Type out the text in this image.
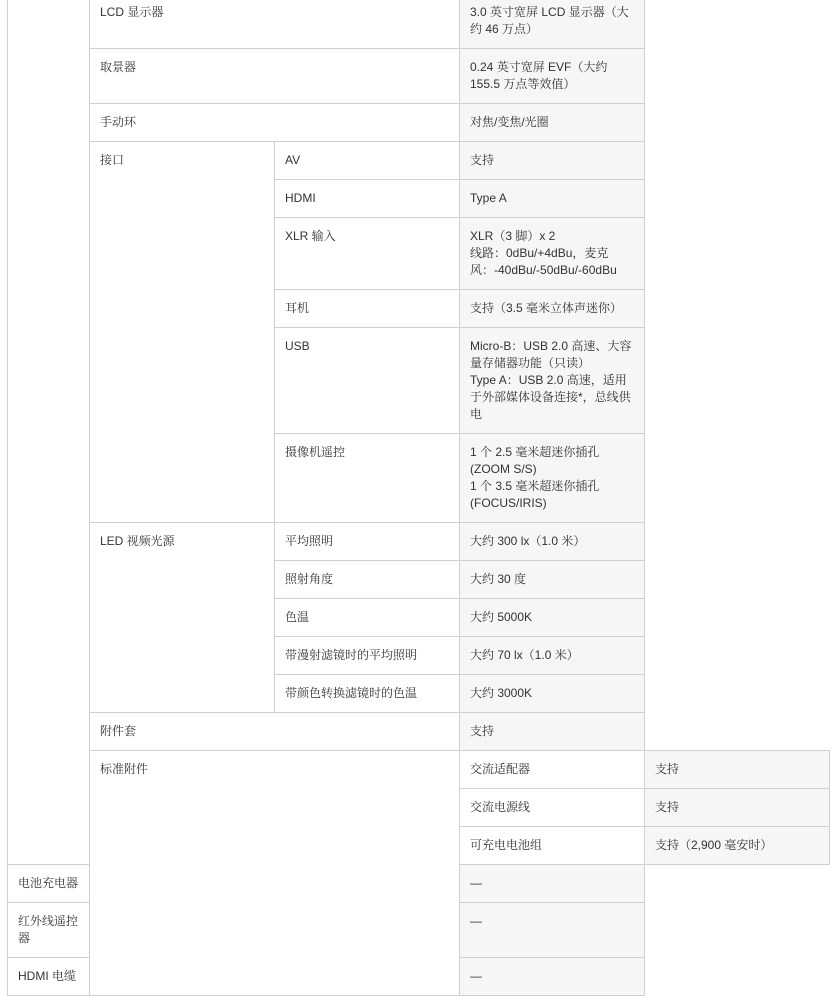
	LCD 显示器		3.0 英寸宽屏 LCD 显示器（大约 46 万点）	
	取景器		0.24 英寸宽屏 EVF（大约 155.5 万点等效值）	
	手动环		对焦/变焦/光圈	
	接口	AV	支持	
		HDMI	Type A	
		XLR 输入	XLR（3 脚）x 2
线路：0dBu/+4dBu，麦克风：-40dBu/-50dBu/-60dBu	

		耳机	支持（3.5 毫米立体声迷你）	
		USB	Micro-B：USB 2.0 高速、大容量存储器功能（只读）
Type A：USB 2.0 高速，适用于外部媒体设备连接*，总线供电	

		摄像机遥控	1 个 2.5 毫米超迷你插孔 (ZOOM S/S)
1 个 3.5 毫米超迷你插孔 (FOCUS/IRIS)	

	LED 视频光源	平均照明	大约 300 lx（1.0 米）	
		照射角度	大约 30 度	
		色温	大约 5000K	
		带漫射滤镜时的平均照明	大约 70 lx（1.0 米）	
		带颜色转换滤镜时的色温	大约 3000K	
	附件套		支持	
	标准附件		交流适配器	支持
			交流电源线	支持
			可充电电池组	支持（2,900 毫安时）
电池充电器			—	
红外线遥控器			—	
HDMI 电缆			—	
